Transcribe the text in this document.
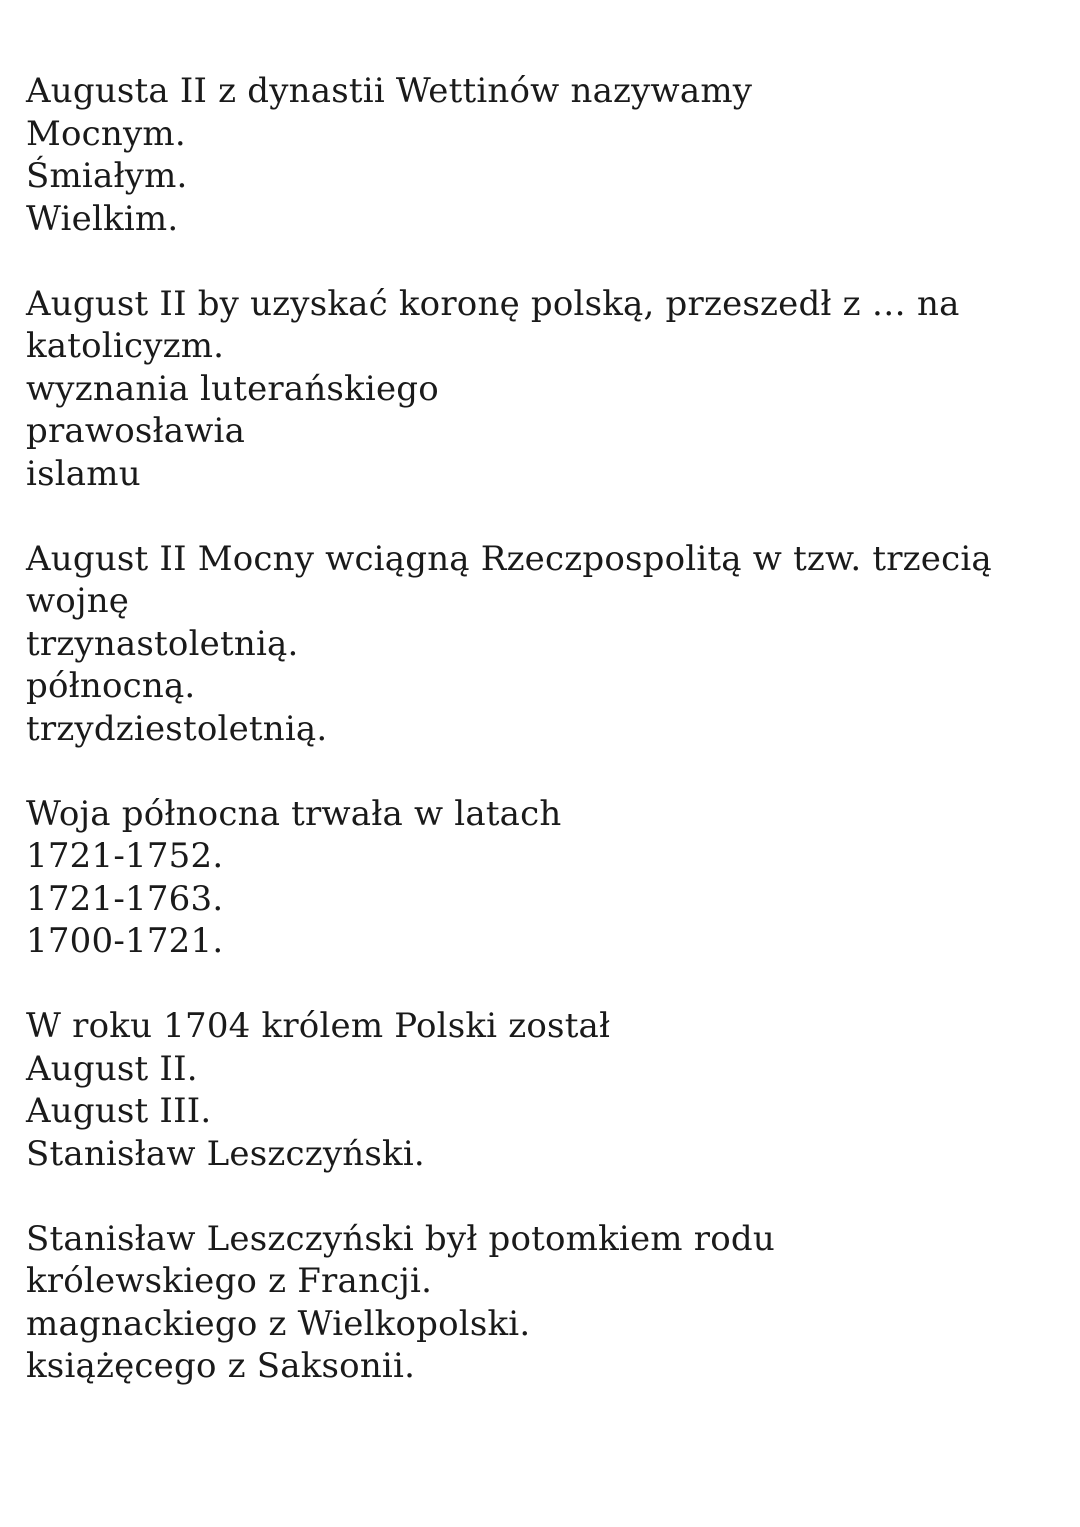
Augusta II z dynastii Wettinów nazywamy
Mocnym.
Śmiałym.
Wielkim.
August II by uzyskać koronę polską, przeszedł z … na katolicyzm.
wyznania luterańskiego
prawosławia
islamu
August II Mocny wciągną Rzeczpospolitą w tzw. trzecią wojnę
trzynastoletnią.
północną.
trzydziestoletnią.
Woja północna trwała w latach
1721-1752.
1721-1763.
1700-1721.
W roku 1704 królem Polski został
August II.
August III.
Stanisław Leszczyński.
Stanisław Leszczyński był potomkiem rodu
królewskiego z Francji.
magnackiego z Wielkopolski.
książęcego z Saksonii.
